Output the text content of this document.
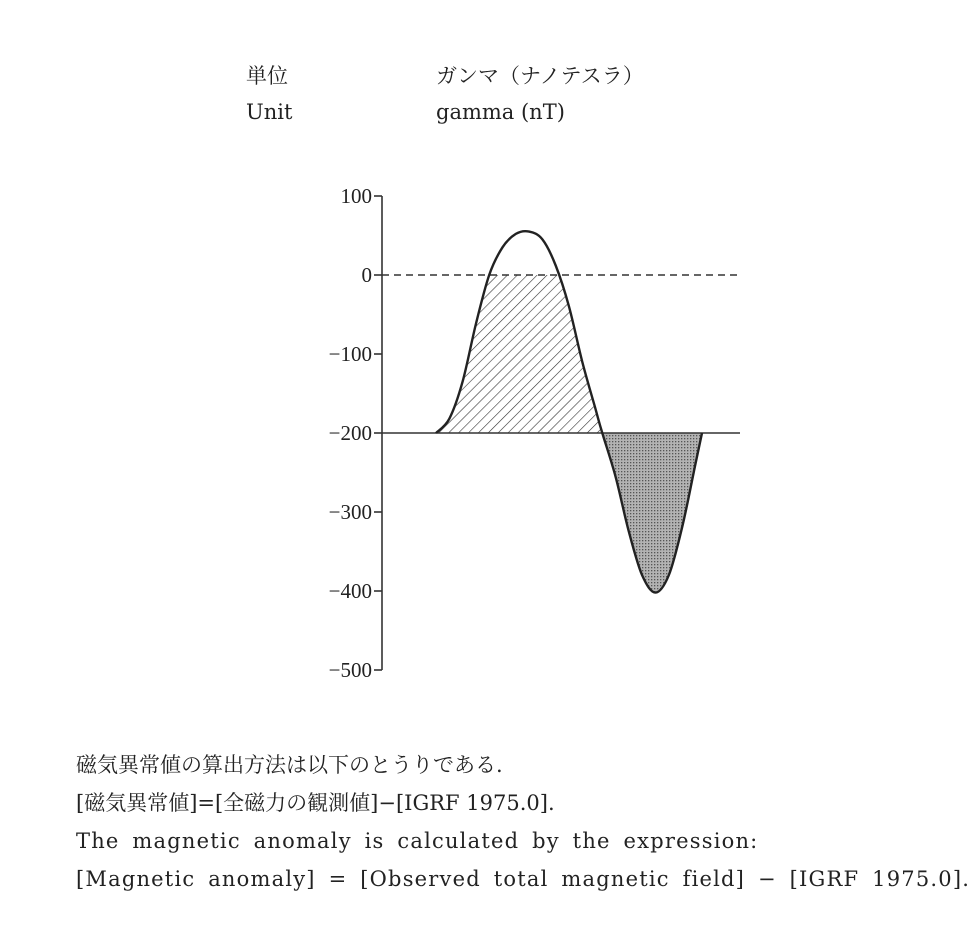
単位	ガンマ（ナノテスラ）
Unit	gamma (nT)
100
0
−100
−200
−300
−400
−500
磁気異常値の算出方法は以下のとうりである.
[磁気異常値]=[全磁力の観測値]−[IGRF 1975.0].
The magnetic anomaly is calculated by the expression:
[Magnetic anomaly] = [Observed total magnetic field] − [IGRF 1975.0].
